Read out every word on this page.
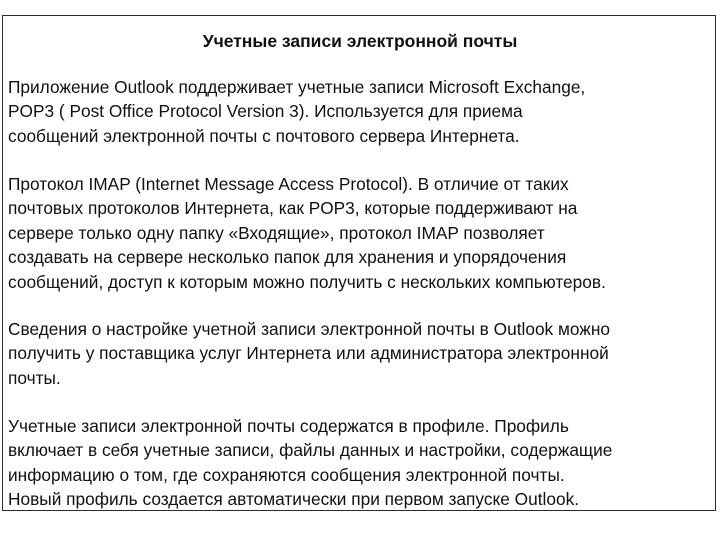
Учетные записи электронной почты
Приложение Outlook поддерживает учетные записи Microsoft Exchange,
POP3 ( Post Office Protocol Version 3). Используется для приема
сообщений электронной почты с почтового сервера Интернета.
Протокол IMAP (Internet Message Access Protocol). В отличие от таких
почтовых протоколов Интернета, как POP3, которые поддерживают на
сервере только одну папку «Входящие», протокол IMAP позволяет
создавать на сервере несколько папок для хранения и упорядочения
сообщений, доступ к которым можно получить с нескольких компьютеров.
Сведения о настройке учетной записи электронной почты в Outlook можно
получить у поставщика услуг Интернета или администратора электронной
почты.
Учетные записи электронной почты содержатся в профиле. Профиль
включает в себя учетные записи, файлы данных и настройки, содержащие
информацию о том, где сохраняются сообщения электронной почты.
Новый профиль создается автоматически при первом запуске Outlook.
